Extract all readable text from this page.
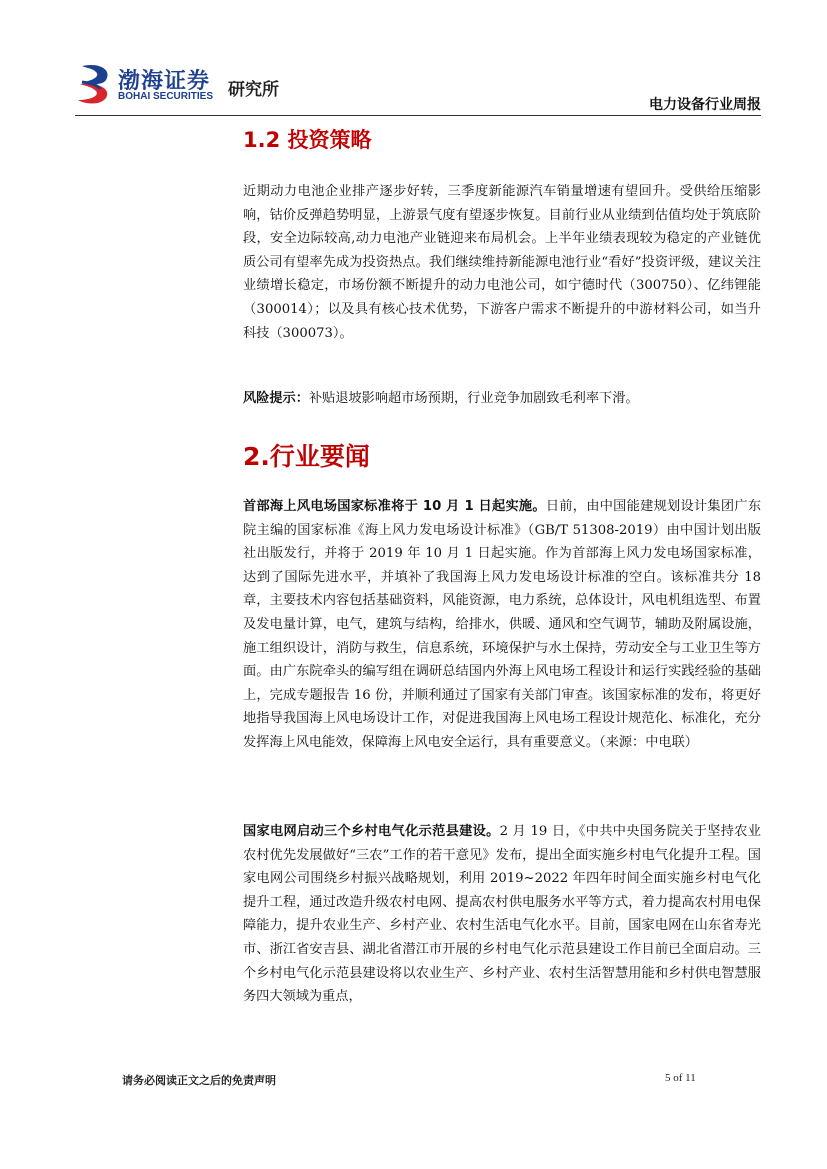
渤海证券
BOHAI SECURITIES 研究所
电力设备行业周报
1.2 投资策略

近期动力电池企业排产逐步好转，三季度新能源汽车销量增速有望回升。受供给压缩影响，钴价反弹趋势明显，上游景气度有望逐步恢复。目前行业从业绩到估值均处于筑底阶段，安全边际较高,动力电池产业链迎来布局机会。上半年业绩表现较为稳定的产业链优质公司有望率先成为投资热点。我们继续维持新能源电池行业“看好”投资评级，建议关注业绩增长稳定，市场份额不断提升的动力电池公司，如宁德时代（300750）、亿纬锂能（300014）；以及具有核心技术优势，下游客户需求不断提升的中游材料公司，如当升科技（300073）。

风险提示：补贴退坡影响超市场预期，行业竞争加剧致毛利率下滑。

2.行业要闻

首部海上风电场国家标准将于 10 月 1 日起实施。日前，由中国能建规划设计集团广东院主编的国家标准《海上风力发电场设计标准》（GB/T 51308-2019）由中国计划出版社出版发行，并将于 2019 年 10 月 1 日起实施。作为首部海上风力发电场国家标准，达到了国际先进水平，并填补了我国海上风力发电场设计标准的空白。该标准共分 18 章，主要技术内容包括基础资料，风能资源，电力系统，总体设计，风电机组选型、布置及发电量计算，电气，建筑与结构，给排水，供暖、通风和空气调节，辅助及附属设施，施工组织设计，消防与救生，信息系统，环境保护与水土保持，劳动安全与工业卫生等方面。由广东院牵头的编写组在调研总结国内外海上风电场工程设计和运行实践经验的基础上，完成专题报告 16 份，并顺利通过了国家有关部门审查。该国家标准的发布，将更好地指导我国海上风电场设计工作，对促进我国海上风电场工程设计规范化、标准化，充分发挥海上风电能效，保障海上风电安全运行，具有重要意义。（来源：中电联）

国家电网启动三个乡村电气化示范县建设。2 月 19 日，《中共中央国务院关于坚持农业农村优先发展做好“三农”工作的若干意见》发布，提出全面实施乡村电气化提升工程。国家电网公司围绕乡村振兴战略规划，利用 2019~2022 年四年时间全面实施乡村电气化提升工程，通过改造升级农村电网、提高农村供电服务水平等方式，着力提高农村用电保障能力，提升农业生产、乡村产业、农村生活电气化水平。目前，国家电网在山东省寿光市、浙江省安吉县、湖北省潜江市开展的乡村电气化示范县建设工作目前已全面启动。三个乡村电气化示范县建设将以农业生产、乡村产业、农村生活智慧用能和乡村供电智慧服务四大领域为重点，

请务必阅读正文之后的免责声明	5 of 11
